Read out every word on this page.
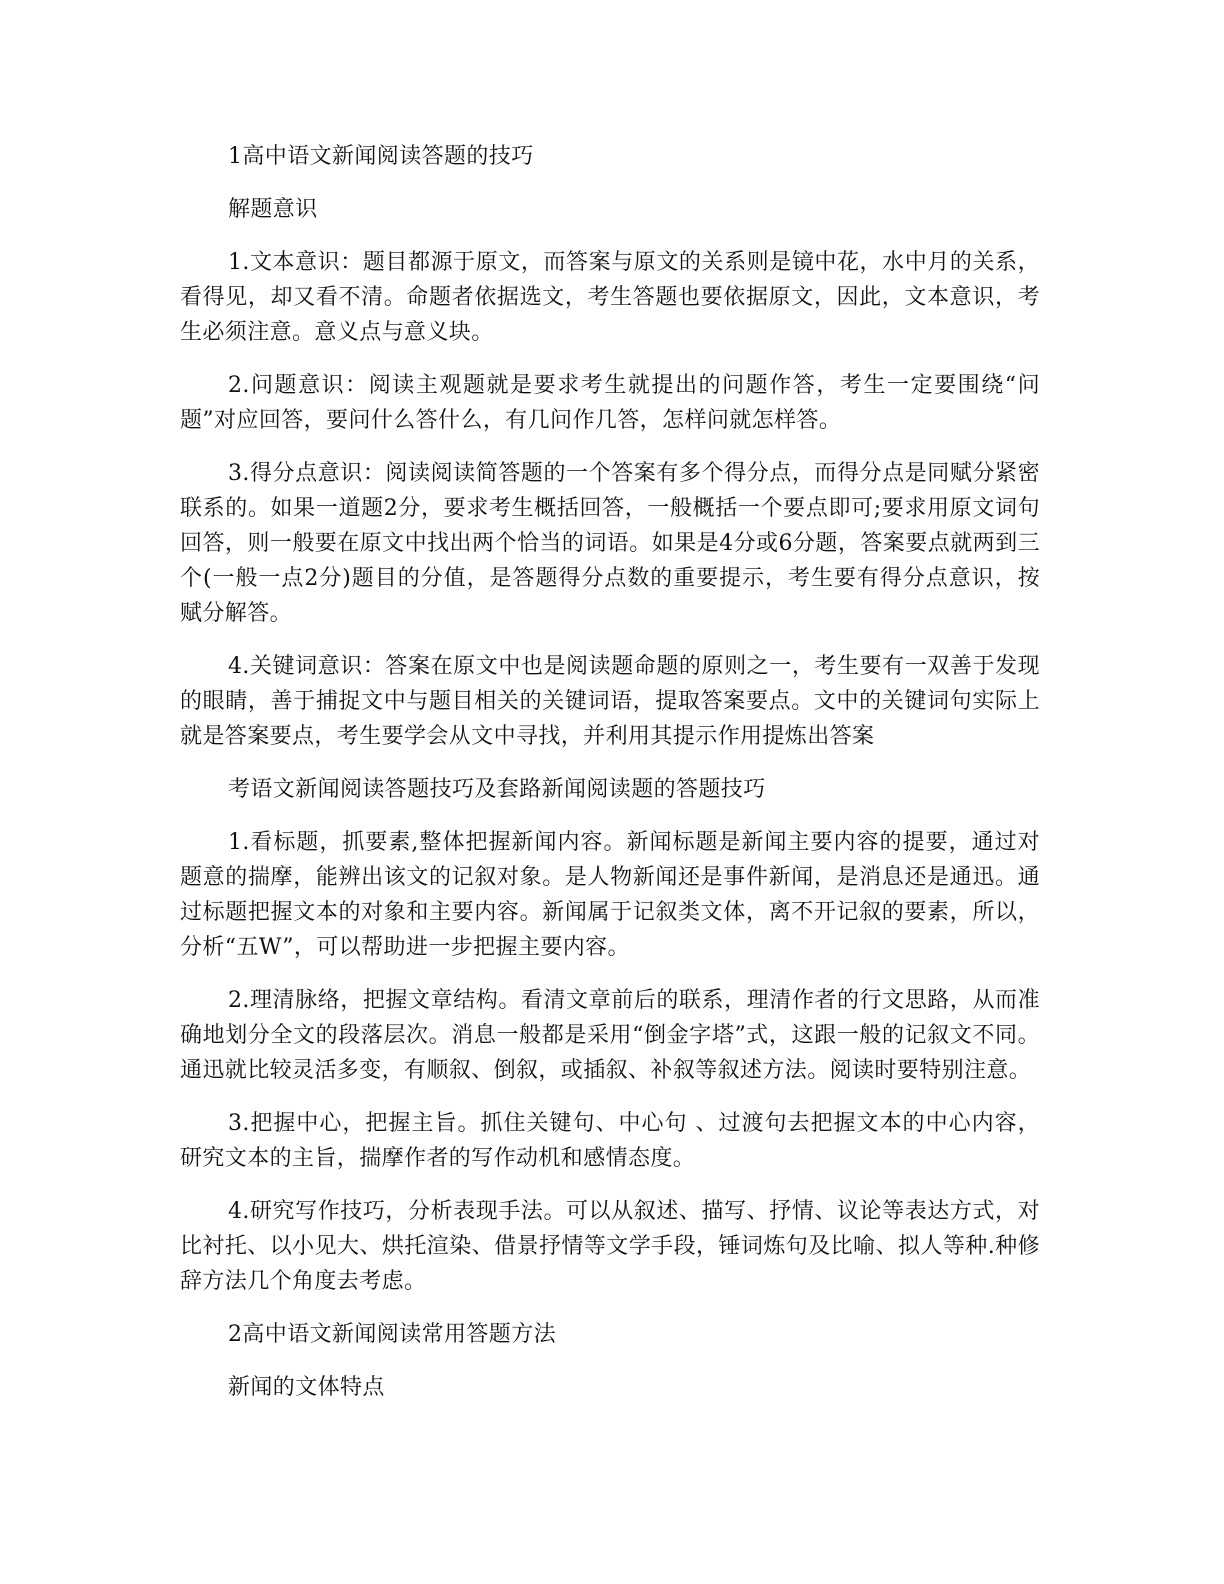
1高中语文新闻阅读答题的技巧

解题意识

1.文本意识：题目都源于原文，而答案与原文的关系则是镜中花，水中月的关系，看得见，却又看不清。命题者依据选文，考生答题也要依据原文，因此，文本意识，考生必须注意。意义点与意义块。

2.问题意识：阅读主观题就是要求考生就提出的问题作答，考生一定要围绕“问题”对应回答，要问什么答什么，有几问作几答，怎样问就怎样答。

3.得分点意识：阅读阅读简答题的一个答案有多个得分点，而得分点是同赋分紧密联系的。如果一道题2分，要求考生概括回答，一般概括一个要点即可;要求用原文词句回答，则一般要在原文中找出两个恰当的词语。如果是4分或6分题，答案要点就两到三个(一般一点2分)题目的分值，是答题得分点数的重要提示，考生要有得分点意识，按赋分解答。

4.关键词意识：答案在原文中也是阅读题命题的原则之一，考生要有一双善于发现的眼睛，善于捕捉文中与题目相关的关键词语，提取答案要点。文中的关键词句实际上就是答案要点，考生要学会从文中寻找，并利用其提示作用提炼出答案

考语文新闻阅读答题技巧及套路新闻阅读题的答题技巧

1.看标题，抓要素,整体把握新闻内容。新闻标题是新闻主要内容的提要，通过对题意的揣摩，能辨出该文的记叙对象。是人物新闻还是事件新闻，是消息还是通迅。通过标题把握文本的对象和主要内容。新闻属于记叙类文体，离不开记叙的要素，所以，分析“五W”，可以帮助进一步把握主要内容。

2.理清脉络，把握文章结构。看清文章前后的联系，理清作者的行文思路，从而准确地划分全文的段落层次。消息一般都是采用“倒金字塔”式，这跟一般的记叙文不同。通迅就比较灵活多变，有顺叙、倒叙，或插叙、补叙等叙述方法。阅读时要特别注意。

3.把握中心，把握主旨。抓住关键句、中心句 、过渡句去把握文本的中心内容，研究文本的主旨，揣摩作者的写作动机和感情态度。

4.研究写作技巧，分析表现手法。可以从叙述、描写、抒情、议论等表达方式，对比衬托、以小见大、烘托渲染、借景抒情等文学手段，锤词炼句及比喻、拟人等种.种修辞方法几个角度去考虑。

2高中语文新闻阅读常用答题方法

新闻的文体特点
